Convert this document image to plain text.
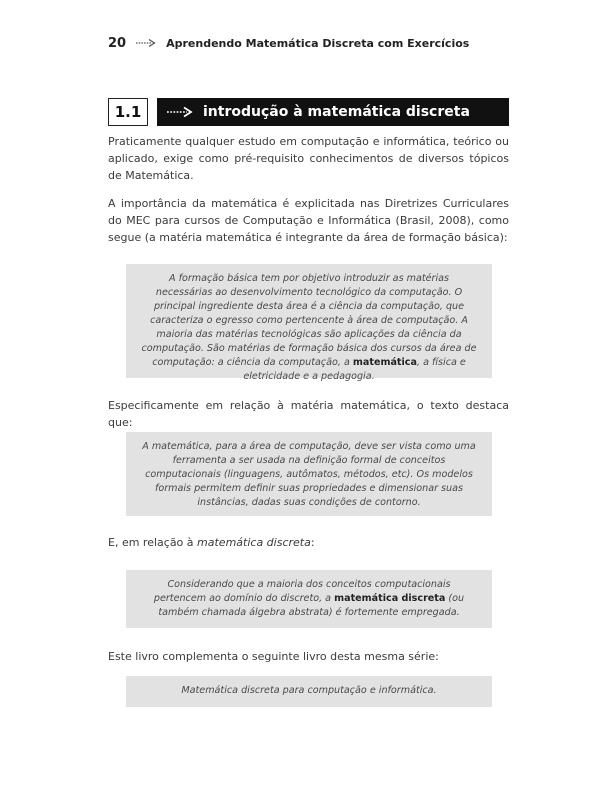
20	Aprendendo Matemática Discreta com Exercícios
1.1	introdução à matemática discreta

Praticamente qualquer estudo em computação e informática, teórico ou aplicado, exige como pré-requisito conhecimentos de diversos tópicos de Matemática.

A importância da matemática é explicitada nas Diretrizes Curriculares do MEC para cursos de Computação e Informática (Brasil, 2008), como segue (a matéria matemática é integrante da área de formação básica):

A formação básica tem por objetivo introduzir as matérias necessárias ao desenvolvimento tecnológico da computação. O principal ingrediente desta área é a ciência da computação, que caracteriza o egresso como pertencente à área de computação. A maioria das matérias tecnológicas são aplicações da ciência da computação. São matérias de formação básica dos cursos da área de computação: a ciência da computação, a matemática, a física e eletricidade e a pedagogia.

Especificamente em relação à matéria matemática, o texto destaca que:

A matemática, para a área de computação, deve ser vista como uma ferramenta a ser usada na definição formal de conceitos computacionais (linguagens, autômatos, métodos, etc). Os modelos formais permitem definir suas propriedades e dimensionar suas instâncias, dadas suas condições de contorno.

E, em relação à matemática discreta:

Considerando que a maioria dos conceitos computacionais pertencem ao domínio do discreto, a matemática discreta (ou também chamada álgebra abstrata) é fortemente empregada.

Este livro complementa o seguinte livro desta mesma série:

Matemática discreta para computação e informática.
